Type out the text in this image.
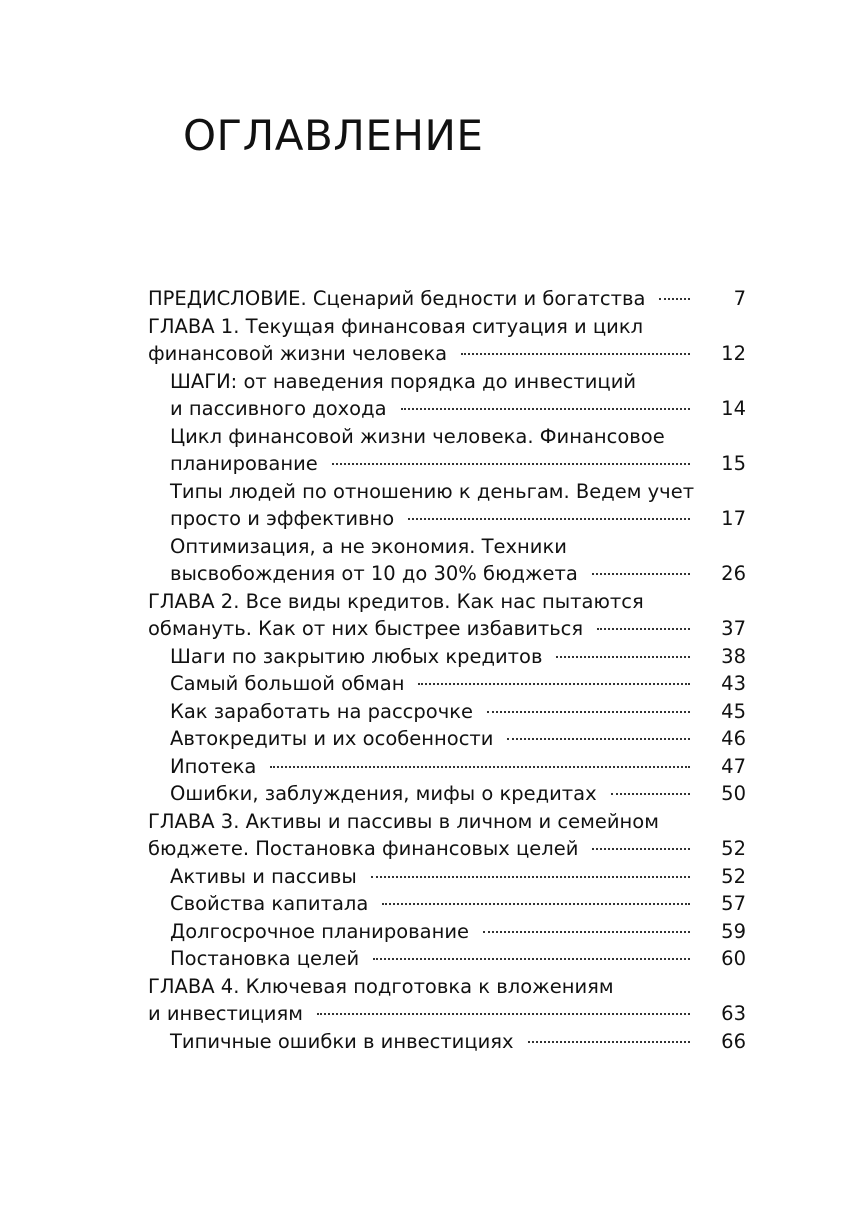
ОГЛАВЛЕНИЕ
ПРЕДИСЛОВИЕ. Сценарий бедности и богатства	7
ГЛАВА 1. Текущая финансовая ситуация и цикл
финансовой жизни человека	12
ШАГИ: от наведения порядка до инвестиций
и пассивного дохода	14
Цикл финансовой жизни человека. Финансовое
планирование	15
Типы людей по отношению к деньгам. Ведем учет
просто и эффективно	17
Оптимизация, а не экономия. Техники
высвобождения от 10 до 30% бюджета	26
ГЛАВА 2. Все виды кредитов. Как нас пытаются
обмануть. Как от них быстрее избавиться	37
Шаги по закрытию любых кредитов	38
Самый большой обман	43
Как заработать на рассрочке	45
Автокредиты и их особенности	46
Ипотека	47
Ошибки, заблуждения, мифы о кредитах	50
ГЛАВА 3. Активы и пассивы в личном и семейном
бюджете. Постановка финансовых целей	52
Активы и пассивы	52
Свойства капитала	57
Долгосрочное планирование	59
Постановка целей	60
ГЛАВА 4. Ключевая подготовка к вложениям
и инвестициям	63
Типичные ошибки в инвестициях	66
